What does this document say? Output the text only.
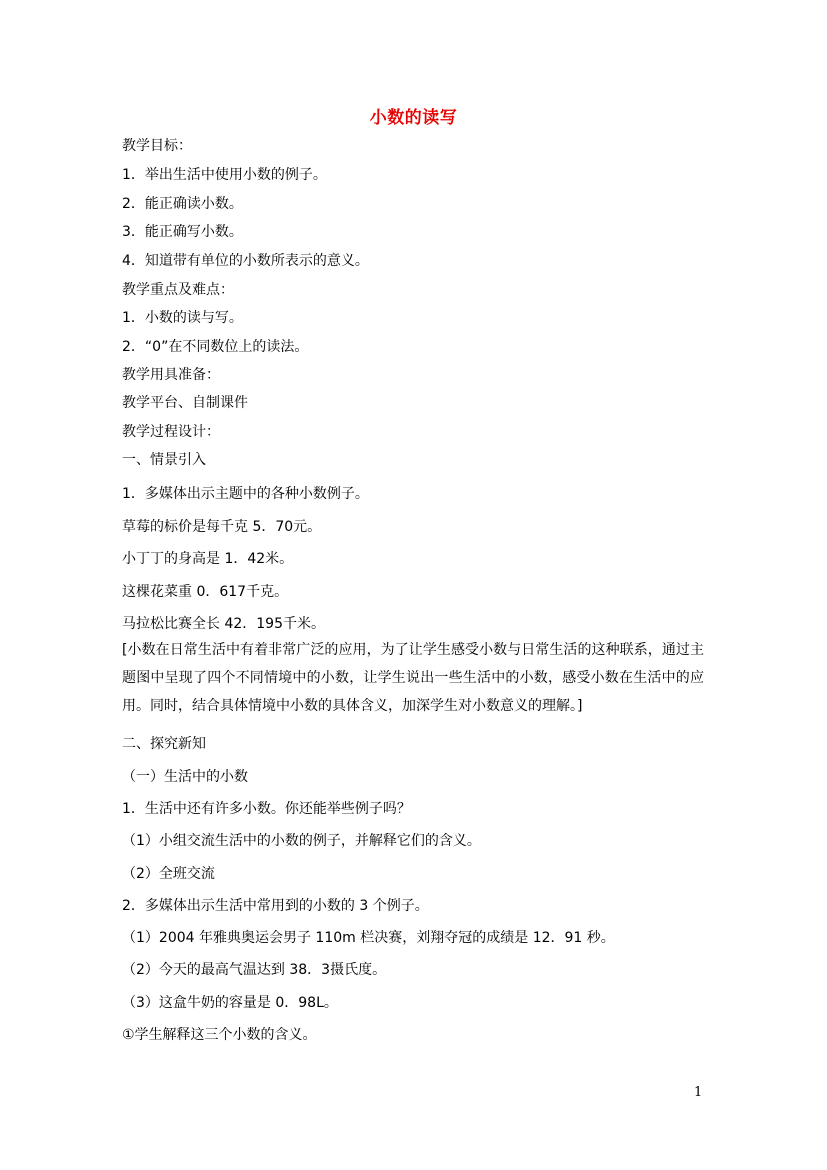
小数的读写
教学目标：
1．举出生活中使用小数的例子。
2．能正确读小数。
3．能正确写小数。
4．知道带有单位的小数所表示的意义。
教学重点及难点：
1．小数的读与写。
2．“0”在不同数位上的读法。
教学用具准备：
教学平台、自制课件
教学过程设计：
一、情景引入
1．多媒体出示主题中的各种小数例子。
草莓的标价是每千克 5．70元。
小丁丁的身高是 1．42米。
这棵花菜重 0．617千克。
马拉松比赛全长 42．195千米。
[小数在日常生活中有着非常广泛的应用，为了让学生感受小数与日常生活的这种联系，通过主题图中呈现了四个不同情境中的小数，让学生说出一些生活中的小数，感受小数在生活中的应用。同时，结合具体情境中小数的具体含义，加深学生对小数意义的理解。]
二、探究新知
（一）生活中的小数
1．生活中还有许多小数。你还能举些例子吗？
（1）小组交流生活中的小数的例子，并解释它们的含义。
（2）全班交流
2．多媒体出示生活中常用到的小数的 3 个例子。
（1）2004 年雅典奥运会男子 110m 栏决赛，刘翔夺冠的成绩是 12．91 秒。
（2）今天的最高气温达到 38．3摄氏度。
（3）这盒牛奶的容量是 0．98L。
①学生解释这三个小数的含义。
1
